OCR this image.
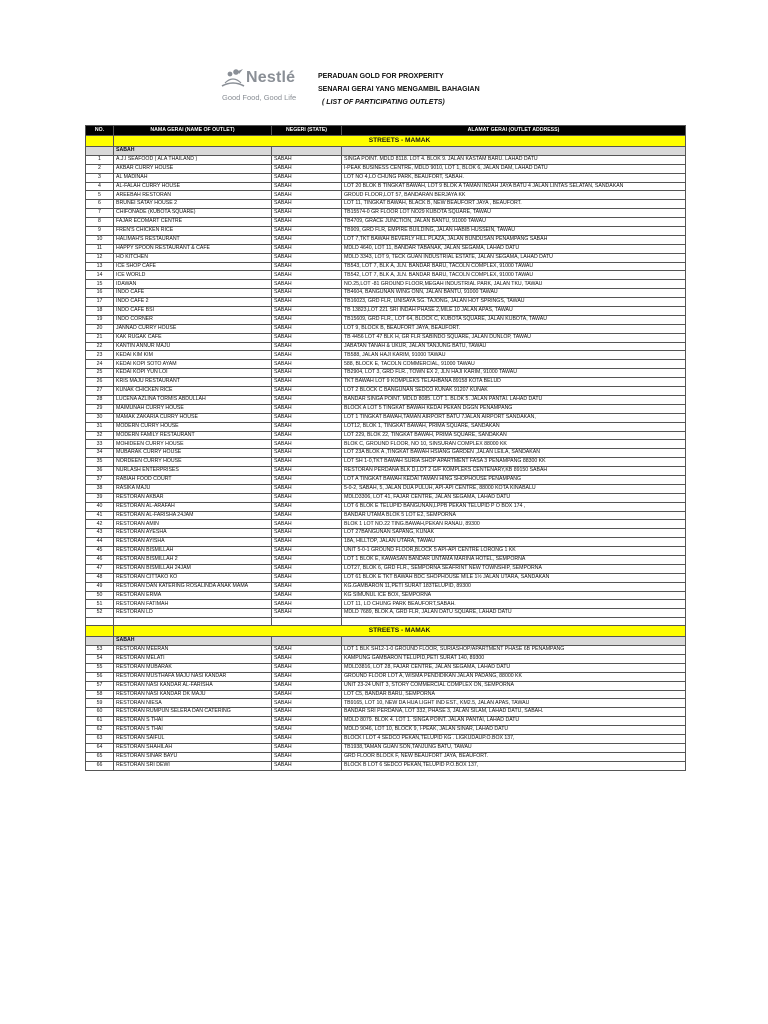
Nestlé
Good Food, Good Life
PERADUAN GOLD FOR PROXPERITY
SENARAI GERAI YANG MENGAMBIL BAHAGIAN
( LIST OF PARTICIPATING OUTLETS)
NO.	NAMA GERAI (NAME OF OUTLET)	NEGERI (STATE)	ALAMAT GERAI (OUTLET ADDRESS)
	STREETS - MAMAK		
	SABAH		
1	A.J.I SEAFOOD ( ALA THAILAND )	SABAH	SINGA POINT. MDLD 8118. LOT 4. BLOK 9. JALAN KASTAM BARU. LAHAD DATU
2	AKBAR CURRY HOUSE	SABAH	I-PEAK BUSINESS CENTRE, MDLD 9010, LOT 1, BLOK 6, JALAN DAM, LAHAD DATU
3	AL MADINAH	SABAH	LOT NO 4,LO CHUNG PARK, BEAUFORT, SABAH.
4	AL-FALAH CURRY HOUSE	SABAH	LOT 20 BLOK B TINGKAT BAWAH, LOT 9 BLOK A TAMAN INDAH JAYA BATU 4 JALAN LINTAS SELATAN, SANDAKAN
5	AREEBAH RESTORAN	SABAH	GROUD FLOOR,LOT 57, BANDARAN BERJAYA KK
6	BRUNEI SATAY HOUSE 2	SABAH	LOT 11, TINGKAT BAWAH, BLACK B, NEW BEAUFORT JAYA , BEAUFORT.
7	CHIFONADE (KUBOTA SQUARE)	SABAH	TB15574-0 GR FLOOR LOT NO29 KUBOTA SQUARE, TAWAU
8	FAJAR ECOMART CENTRE	SABAH	TB4709, GRACE JUNCTION, JALAN BANTU, 91000 TAWAU
9	FREN'S CHICKEN RICE	SABAH	TB909, GRD FLR, EMPIRE BUILDING, JALAN HABIB HUSSEIN, TAWAU
10	HALIMAH'S RESTAURANT	SABAH	LOT 7,TKT BAWAH BEVERLY HILL PLAZA, JALAN BUNDUSAN PENAMPANG SABAH
11	HAPPY SPOON RESTAURANT & CAFÉ	SABAH	MDLD 4640, LOT 11, BANDAR TABANAK, JALAN SEGAMA, LAHAD DATU
12	HO KITCHEN	SABAH	MDLD 3343, LOT 9, TECK GUAN INDUSTRIAL ESTATE, JALAN SEGAMA, LAHAD DATU
13	ICE SHOP CAFÉ	SABAH	TB543, LOT 7, BLK A, JLN. BANDAR BARU, TACOLN COMPLEX, 91000 TAWAU
14	ICE WORLD	SABAH	TB542, LOT 7, BLK A, JLN. BANDAR BARU, TACOLN COMPLEX, 91000 TAWAU
15	IDAWAN	SABAH	NO.25,LOT -81 GROUND FLOOR,MEGAH INDUSTRIAL PARK, JALAN TKU, TAWAU
16	INDO CAFÉ	SABAH	TB4604, BANGUNAN WING ONN, JALAN BANTU, 91000 TAWAU
17	INDO CAFÉ 2	SABAH	TB16023, GRD FLR, UNISAYA SG. TAJONG, JALAN HOT SPRINGS, TAWAU
18	INDO CAFE BSI	SABAH	TB 13823,LOT 221 SRI INDAH PHASE 2,MILE 10 JALAN APAS, TAWAU
19	INDO CORNER	SABAH	TB15609, GRD FLR., LOT 64, BLOCK C, KUBOTA SQUARE, JALAN KUBOTA, TAWAU
20	JANNAD CURRY HOUSE	SABAH	LOT 9, BLOCK B, BEAUFORT JAYA, BEAUFORT.
21	KAK RUGAK CAFÉ	SABAH	TB 4456 LOT 47 BLK H, GR FLR SABINDO SQUARE, JALAN DUNLOP, TAWAU
22	KANTIN ANNUR MAJU	SABAH	JABATAN TANAH & UKUR, JALAN TANJUNG BATU, TAWAU
23	KEDAI KIM KIM	SABAH	TB588, JALAN HAJI KARIM, 91000 TAWAU
24	KEDAI KOPI SOTO AYAM	SABAH	588, BLOCK E, TACOLN COMMERCIAL, 91000 TAWAU
25	KEDAI KOPI YUN LOI	SABAH	TB2904, LOT 3, GRD FLR., TOWN EX 2, JLN HAJI KARIM, 91000 TAWAU
26	KRIS MAJU RESTAURANT	SABAH	TKT BAWAH LOT 9 KOMPLEKS TELAHBANA 89158 KOTA BELUD
27	KUNAK CHICKEN RICE	SABAH	LOT 2 BLOCK C BANGUNAN SEDCO KUNAK 91207 KUNAK
28	LUCENA AZLINA TORMIS ABDULLAH	SABAH	BANDAR SINGA POINT. MDLD 8085. LOT 1. BLOK 5. JALAN PANTAI. LAHAD DATU
29	MAIMUNAH CURRY HOUSE	SABAH	BLOCK A LOT 5 TINGKAT BAWAH KEDAI PEKAN DGGN PENAMPANG
30	MAMAK ZAKARIA CURRY HOUSE	SABAH	LOT 1 TINGKAT BAWAH,TAMAN AIRPORT BATU 7JALAN AIRPORT SANDAKAN,
31	MODERN CURRY HOUSE	SABAH	LOT12, BLOK 1, TINGKAT BAWAH, PRIMA SQUARE, SANDAKAN
32	MODERN FAMILY RESTAURANT	SABAH	LOT 229, BLOK 22, TINGKAT BAWAH, PRIMA SQUARE, SANDAKAN
33	MOHIDEEN CURRY HOUSE	SABAH	BLOK C, GROUND FLOOR, NO 10, SINSURAN COMPLEX 88000 KK
34	MUBARAK CURRY HOUSE	SABAH	LOT 23A BLOK A ,TINGKAT BAWAH HSIANG GARDEN ,JALAN LEILA, SANDAKAN
35	NORDEEN CURRY HOUSE	SABAH	LOT SH 1-0,TKT BAWAH SURIA SHOP APARTMENT FASA 3 PENAMPANG 88300 KK
36	NURLASH ENTERPRISES	SABAH	RESTORAN PERDANA BLK D,LOT 2 G/F KOMPLEKS CENTENARY,KB 89150 SABAH
37	RABIAH FOOD COURT	SABAH	LOT A TINGKAT BAWAH KEDAI TAMAN HING SHOPHOUSE PENAMPANG
38	RASIKA MAJU	SABAH	5-0-2, SABAH, 5, JALAN DUA PULUH, API-API CENTRE, 88000 KOTA KINABALU
39	RESTORAN AKBAR	SABAH	MDLD3306, LOT 41, FAJAR CENTRE, JALAN SEGAMA, LAHAD DATU
40	RESTORAN AL-ARAFAH	SABAH	LOT 6 BLOK E TELUPID BANGUNAN,LPPB PEKAN TELUPID P O BOX 174 ,
41	RESTORAN AL-FARISHA 24JAM	SABAH	BANDAR UTAMA BLOK 5 LOT E2, SEMPORNA
42	RESTORAN AMIN	SABAH	BLOK 1 LOT NO.22 TING.BAWAH,PEKAN RANAU, 89300
43	RESTORAN AYESHA	SABAH	LOT 27BANGUNAN SAPANG, KUNAK
44	RESTORAN AYISHA	SABAH	18A, HILLTOP, JALAN UTARA, TAWAU
45	RESTORAN BISMILLAH	SABAH	UNIT 5-0-1 GROUND FLOOR,BLOCK 5 API-API CENTRE LORONG 1 KK
46	RESTORAN BISMILLAH 2	SABAH	LOT 1 BLOK E, KAWASAN BANDAR UNTAMA MARINA HOTEL, SEMPORNA
47	RESTORAN BISMILLAH 24JAM	SABAH	LOT27, BLOK 6, GRD FLR., SEMPORNA SEAFRINT NEW TOWNSHIP, SEMPORNA
48	RESTORAN CITTAKO KO	SABAH	LOT 61 BLOK E TKT BAWAH BDC SHOPHOUSE MILE 1½ JALAN UTARA, SANDAKAN
49	RESTORAN DAN KATERING ROSALINDA ANAK MAMA	SABAH	KG.GAMBARON 11,PETI SURAT 183TELUPID, 89300
50	RESTORAN ERMA	SABAH	KG SIMUNUL ICE BOX, SEMPORNA
51	RESTORAN FATIMAH	SABAH	LOT 11, LO CHUNG PARK BEAUFORT,SABAH.
52	RESTORAN LD	SABAH	MDLD 7689, BLOK A, GRD FLR, JALAN DATU SQUARE, LAHAD DATU

	STREETS - MAMAK		
	SABAH		
53	RESTORAN MEERAN	SABAH	LOT 1 BLK SH12-1-0 GROUND FLOOR, SURIASHOP/APARTMENT PHASE 6B PENAMPANG
54	RESTORAN MELATI	SABAH	KAMPUNG GAMBARON TELUPID,PETI SURAT 140, 89300
55	RESTORAN MUBARAK	SABAH	MDLD3816, LOT 28, FAJAR CENTRE, JALAN SEGAMA, LAHAD DATU
56	RESTORAN MUSTHAFA MAJU NASI KANDAR	SABAH	GROUND FLOOR LOT A, WISMA PENDIDIKAN JALAN PADANG, 88000 KK
57	RESTORAN NASI KANDAR AL-FARISHA	SABAH	UNIT 23-24 UNIT 3, STORY COMMERCIAL COMPLEX ON, SEMPORNA
58	RESTORAN NASI KANDAR DK MAJU	SABAH	LOT C5, BANDAR BARU, SEMPORNA
59	RESTORAN NIESA	SABAH	TB9165, LOT 10, NEW DA HUA LIGHT IND EST., KM2.5, JALAN APAS, TAWAU
60	RESTORAN RUMPUN SELERA DAN CATERING	SABAH	BANDAR SRI PERDANA, LOT 332, PHASE 3, JALAN SILAM, LAHAD DATU, SABAH.
61	RESTORAN S THAI	SABAH	MDLD 8079. BLOK 4. LOT 1. SINGA POINT. JALAN PANTAI, LAHAD DATU
62	RESTORAN S THAI	SABAH	MDLD 9046, LOT 10, BLOCK 9, I-PEAK, JALAN SINAR, LAHAD DATU
63	RESTORAN SAIFUL	SABAH	BLOCK I LOT 4 SEDCO PEKAN,TELUPID KG . LIGKUDAUP.O.BOX 137,
64	RESTORAN SHAHILAH	SABAH	TB1938,TAMAN GUAN SON,TANJUNG BATU, TAWAU
65	RESTORAN SINAR BAYU	SABAH	GRD FLOOR BLOCK F, NEW BEAUFORT JAYA, BEAUFORT.
66	RESTORAN SRI DEWI	SABAH	BLOCK B LOT 6 SEDCO PEKAN,TELUPID P.O.BOX 137,
